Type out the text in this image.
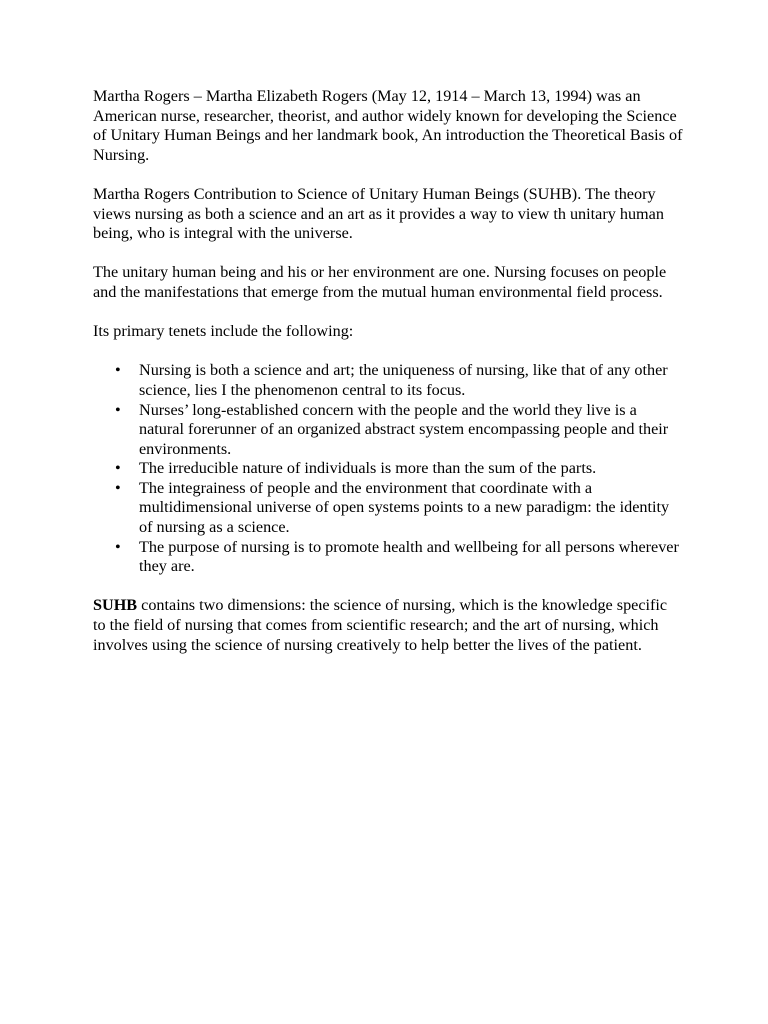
Martha Rogers – Martha Elizabeth Rogers (May 12, 1914 – March 13, 1994) was an American nurse, researcher, theorist, and author widely known for developing the Science of Unitary Human Beings and her landmark book, An introduction the Theoretical Basis of Nursing.

Martha Rogers Contribution to Science of Unitary Human Beings (SUHB). The theory views nursing as both a science and an art as it provides a way to view th unitary human being, who is integral with the universe.

The unitary human being and his or her environment are one. Nursing focuses on people and the manifestations that emerge from the mutual human environmental field process.

Its primary tenets include the following:

• Nursing is both a science and art; the uniqueness of nursing, like that of any other science, lies I the phenomenon central to its focus.
• Nurses’ long-established concern with the people and the world they live is a natural forerunner of an organized abstract system encompassing people and their environments.
• The irreducible nature of individuals is more than the sum of the parts.
• The integrainess of people and the environment that coordinate with a multidimensional universe of open systems points to a new paradigm: the identity of nursing as a science.
• The purpose of nursing is to promote health and wellbeing for all persons wherever they are.

SUHB contains two dimensions: the science of nursing, which is the knowledge specific to the field of nursing that comes from scientific research; and the art of nursing, which involves using the science of nursing creatively to help better the lives of the patient.
